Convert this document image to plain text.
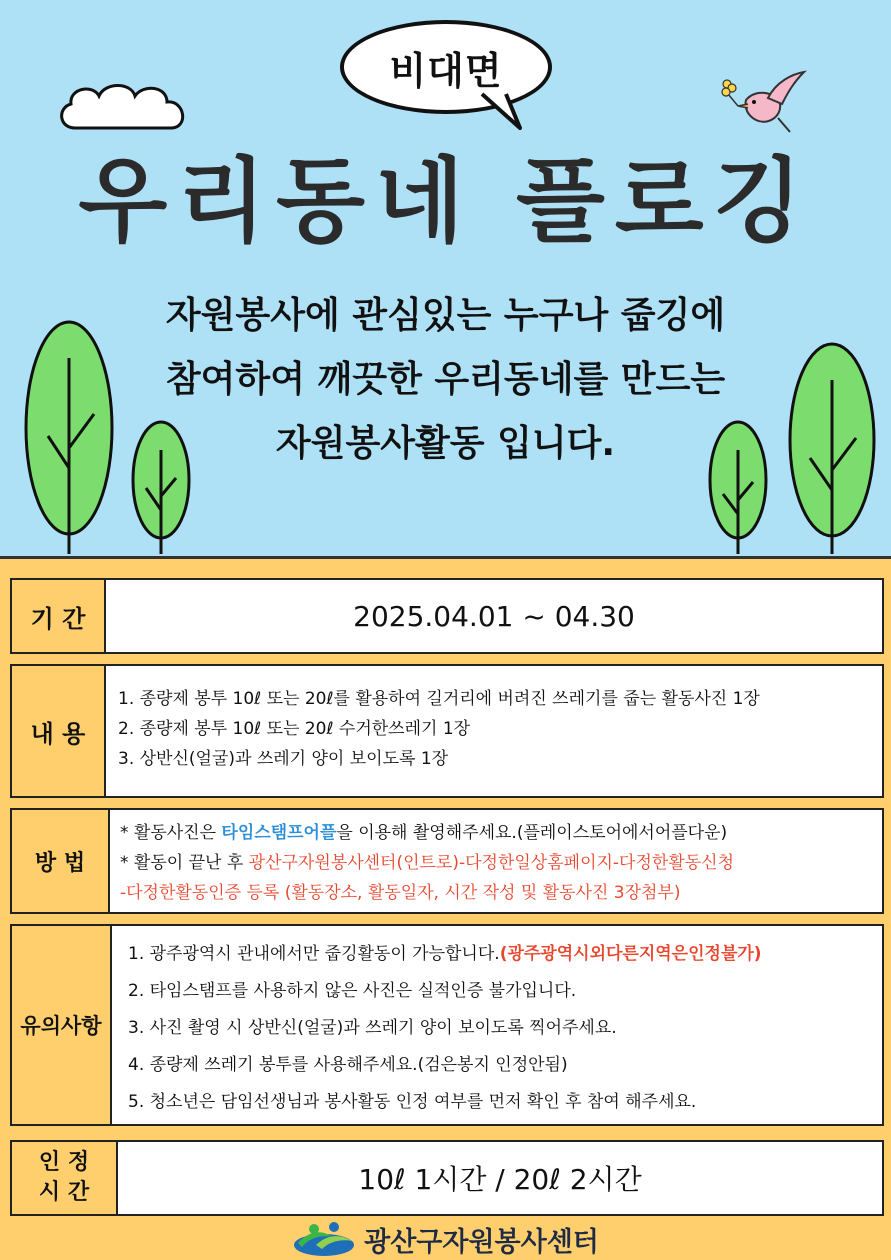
비대면
우리동네 플로깅
자원봉사에 관심있는 누구나 줍깅에
참여하여 깨끗한 우리동네를 만드는
자원봉사활동 입니다.
기 간	2025.04.01 ~ 04.30
내 용
1. 종량제 봉투 10ℓ 또는 20ℓ를 활용하여 길거리에 버려진 쓰레기를 줍는 활동사진 1장
2. 종량제 봉투 10ℓ 또는 20ℓ 수거한쓰레기 1장
3. 상반신(얼굴)과 쓰레기 양이 보이도록 1장
방 법
* 활동사진은 타임스탬프어플을 이용해 촬영해주세요.(플레이스토어에서어플다운)
* 활동이 끝난 후 광산구자원봉사센터(인트로)-다정한일상홈페이지-다정한활동신청
-다정한활동인증 등록 (활동장소, 활동일자, 시간 작성 및 활동사진 3장첨부)
유의사항
1. 광주광역시 관내에서만 줍깅활동이 가능합니다.(광주광역시외다른지역은인정불가)
2. 타임스탬프를 사용하지 않은 사진은 실적인증 불가입니다.
3. 사진 촬영 시 상반신(얼굴)과 쓰레기 양이 보이도록 찍어주세요.
4. 종량제 쓰레기 봉투를 사용해주세요.(검은봉지 인정안됨)
5. 청소년은 담임선생님과 봉사활동 인정 여부를 먼저 확인 후 참여 해주세요.
인 정
시 간	10ℓ 1시간 / 20ℓ 2시간
광산구자원봉사센터
